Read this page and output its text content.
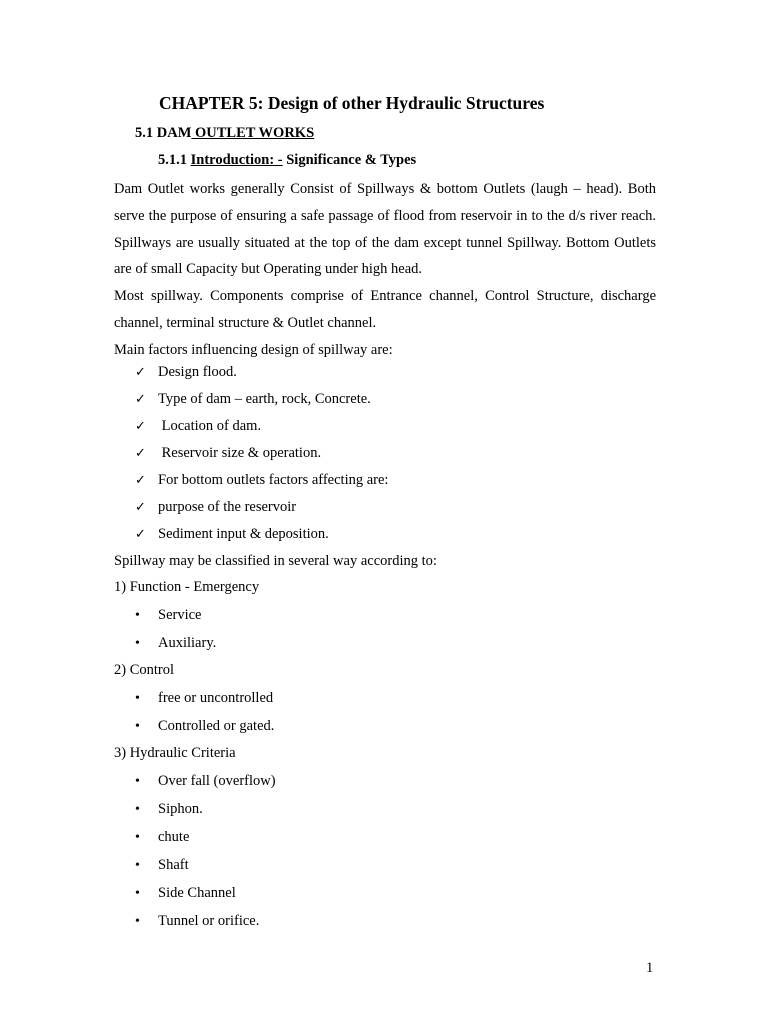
CHAPTER 5: Design of other Hydraulic Structures
5.1 DAM OUTLET WORKS
5.1.1 Introduction: - Significance & Types

Dam Outlet works generally Consist of Spillways & bottom Outlets (laugh – head). Both serve the purpose of ensuring a safe passage of flood from reservoir in to the d/s river reach. Spillways are usually situated at the top of the dam except tunnel Spillway. Bottom Outlets are of small Capacity but Operating under high head.

Most spillway. Components comprise of Entrance channel, Control Structure, discharge channel, terminal structure & Outlet channel.

Main factors influencing design of spillway are:

✓ Design flood.
✓ Type of dam – earth, rock, Concrete.
✓ Location of dam.
✓ Reservoir size & operation.
✓ For bottom outlets factors affecting are:
✓ purpose of the reservoir
✓ Sediment input & deposition.
Spillway may be classified in several way according to:
1) Function - Emergency
• Service
• Auxiliary.
2) Control
• free or uncontrolled
• Controlled or gated.
3) Hydraulic Criteria
• Over fall (overflow)
• Siphon.
• chute
• Shaft
• Side Channel
• Tunnel or orifice.
1
